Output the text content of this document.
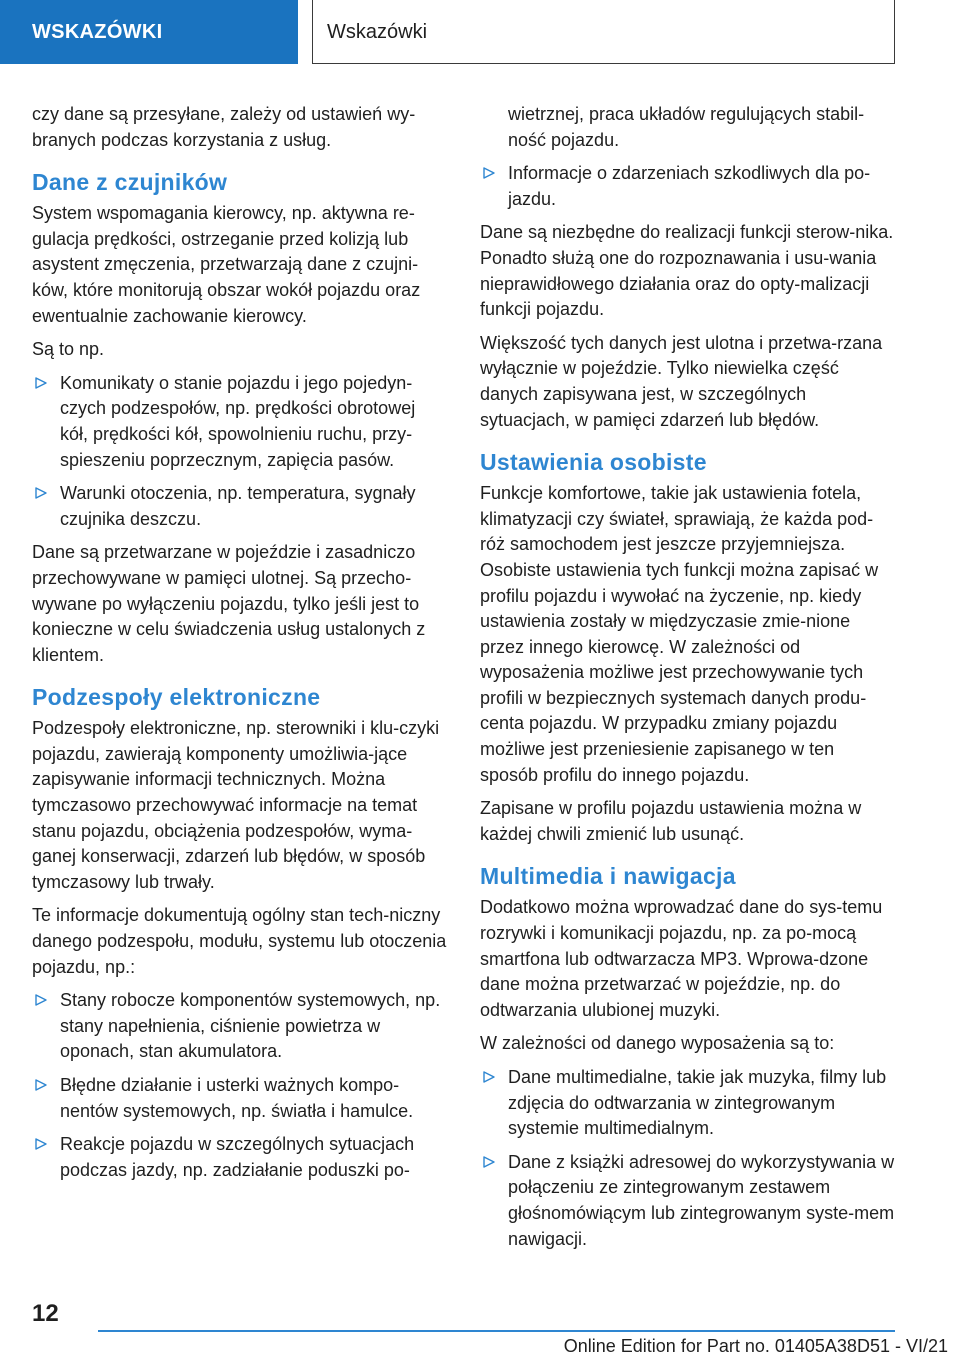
WSKAZÓWKI	Wskazówki

czy dane są przesyłane, zależy od ustawień wy-branych podczas korzystania z usług.

Dane z czujników

System wspomagania kierowcy, np. aktywna re-gulacja prędkości, ostrzeganie przed kolizją lub asystent zmęczenia, przetwarzają dane z czujni-ków, które monitorują obszar wokół pojazdu oraz ewentualnie zachowanie kierowcy.

Są to np.

Komunikaty o stanie pojazdu i jego pojedyn-czych podzespołów, np. prędkości obrotowej kół, prędkości kół, spowolnieniu ruchu, przy-spieszeniu poprzecznym, zapięcia pasów.
Warunki otoczenia, np. temperatura, sygnały czujnika deszczu.

Dane są przetwarzane w pojeździe i zasadniczo przechowywane w pamięci ulotnej. Są przecho-wywane po wyłączeniu pojazdu, tylko jeśli jest to konieczne w celu świadczenia usług ustalonych z klientem.

Podzespoły elektroniczne

Podzespoły elektroniczne, np. sterowniki i klu-czyki pojazdu, zawierają komponenty umożliwia-jące zapisywanie informacji technicznych. Można tymczasowo przechowywać informacje na temat stanu pojazdu, obciążenia podzespołów, wyma-ganej konserwacji, zdarzeń lub błędów, w sposób tymczasowy lub trwały.

Te informacje dokumentują ogólny stan tech-niczny danego podzespołu, modułu, systemu lub otoczenia pojazdu, np.:

Stany robocze komponentów systemowych, np. stany napełnienia, ciśnienie powietrza w oponach, stan akumulatora.
Błędne działanie i usterki ważnych kompo-nentów systemowych, np. światła i hamulce.
Reakcje pojazdu w szczególnych sytuacjach podczas jazdy, np. zadziałanie poduszki po-
wietrznej, praca układów regulujących stabil-ność pojazdu.
Informacje o zdarzeniach szkodliwych dla po-jazdu.

Dane są niezbędne do realizacji funkcji sterow-nika. Ponadto służą one do rozpoznawania i usu-wania nieprawidłowego działania oraz do opty-malizacji funkcji pojazdu.

Większość tych danych jest ulotna i przetwa-rzana wyłącznie w pojeździe. Tylko niewielka część danych zapisywana jest, w szczególnych sytuacjach, w pamięci zdarzeń lub błędów.

Ustawienia osobiste

Funkcje komfortowe, takie jak ustawienia fotela, klimatyzacji czy świateł, sprawiają, że każda pod-róż samochodem jest jeszcze przyjemniejsza. Osobiste ustawienia tych funkcji można zapisać w profilu pojazdu i wywołać na życzenie, np. kiedy ustawienia zostały w międzyczasie zmie-nione przez innego kierowcę. W zależności od wyposażenia możliwe jest przechowywanie tych profili w bezpiecznych systemach danych produ-centa pojazdu. W przypadku zmiany pojazdu możliwe jest przeniesienie zapisanego w ten sposób profilu do innego pojazdu.

Zapisane w profilu pojazdu ustawienia można w każdej chwili zmienić lub usunąć.

Multimedia i nawigacja

Dodatkowo można wprowadzać dane do sys-temu rozrywki i komunikacji pojazdu, np. za po-mocą smartfona lub odtwarzacza MP3. Wprowa-dzone dane można przetwarzać w pojeździe, np. do odtwarzania ulubionej muzyki.

W zależności od danego wyposażenia są to:

Dane multimedialne, takie jak muzyka, filmy lub zdjęcia do odtwarzania w zintegrowanym systemie multimedialnym.
Dane z książki adresowej do wykorzystywania w połączeniu ze zintegrowanym zestawem głośnomówiącym lub zintegrowanym syste-mem nawigacji.
12
Online Edition for Part no. 01405A38D51 - VI/21
